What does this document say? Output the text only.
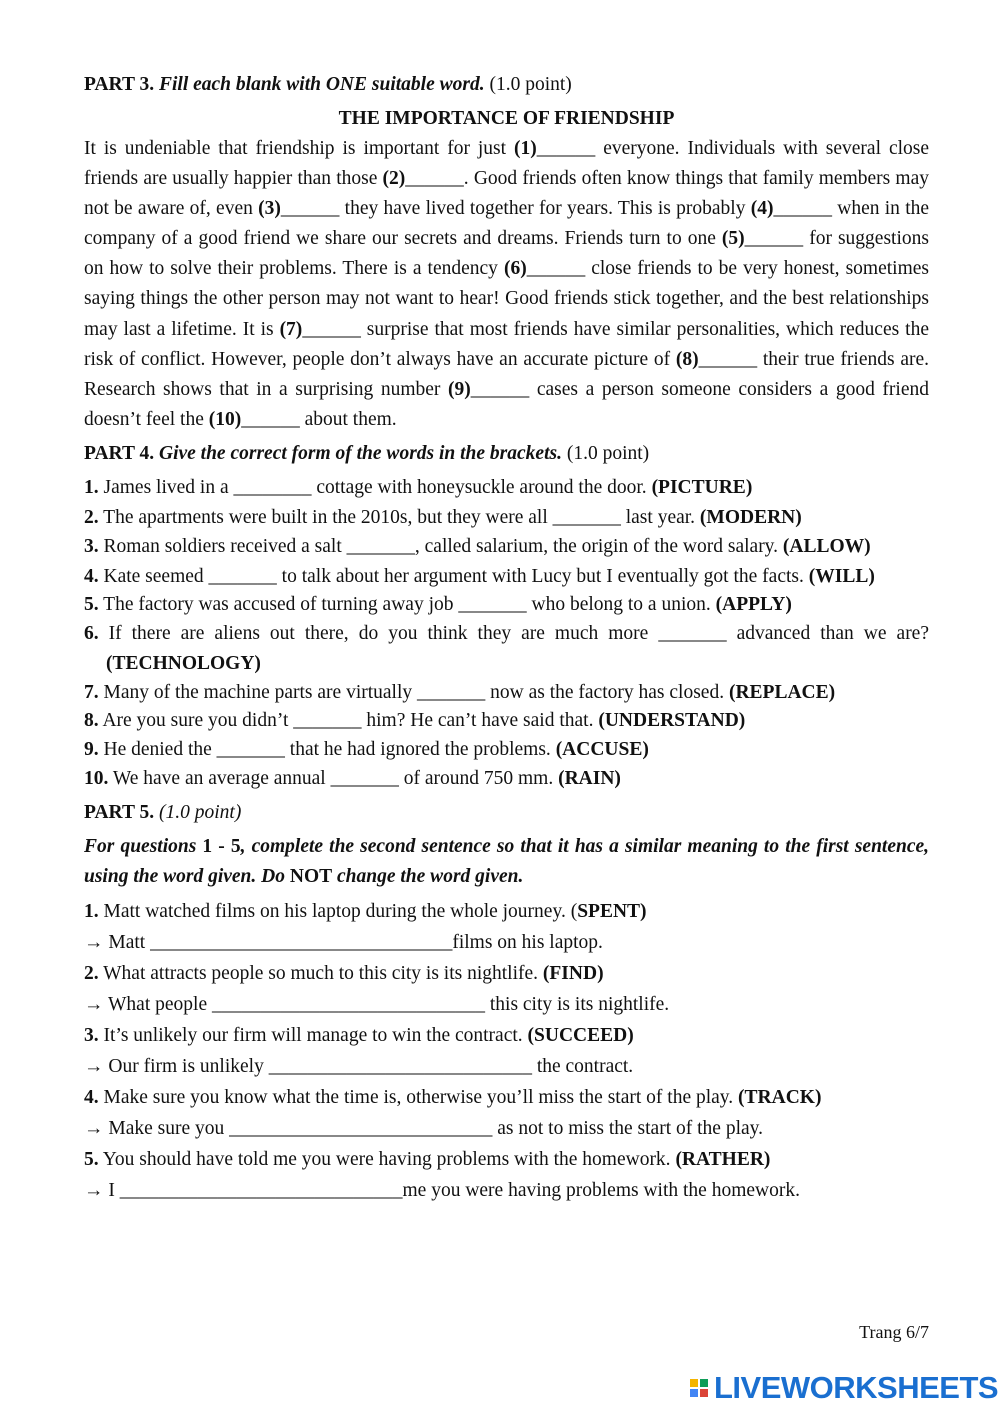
PART 3. Fill each blank with ONE suitable word. (1.0 point)
THE IMPORTANCE OF FRIENDSHIP
It is undeniable that friendship is important for just (1)______ everyone. Individuals with several close friends are usually happier than those (2)______. Good friends often know things that family members may not be aware of, even (3)______ they have lived together for years. This is probably (4)______ when in the company of a good friend we share our secrets and dreams. Friends turn to one (5)______ for suggestions on how to solve their problems. There is a tendency (6)______ close friends to be very honest, sometimes saying things the other person may not want to hear! Good friends stick together, and the best relationships may last a lifetime. It is (7)______ surprise that most friends have similar personalities, which reduces the risk of conflict. However, people don’t always have an accurate picture of (8)______ their true friends are. Research shows that in a surprising number (9)______ cases a person someone considers a good friend doesn’t feel the (10)______ about them.
PART 4. Give the correct form of the words in the brackets. (1.0 point)
1. James lived in a ________ cottage with honeysuckle around the door. (PICTURE)
2. The apartments were built in the 2010s, but they were all _______ last year. (MODERN)
3. Roman soldiers received a salt _______, called salarium, the origin of the word salary. (ALLOW)
4. Kate seemed _______ to talk about her argument with Lucy but I eventually got the facts. (WILL)
5. The factory was accused of turning away job _______ who belong to a union. (APPLY)
6. If there are aliens out there, do you think they are much more _______ advanced than we are? (TECHNOLOGY)
7. Many of the machine parts are virtually _______ now as the factory has closed. (REPLACE)
8. Are you sure you didn’t _______ him? He can’t have said that. (UNDERSTAND)
9. He denied the _______ that he had ignored the problems. (ACCUSE)
10. We have an average annual _______ of around 750 mm. (RAIN)
PART 5. (1.0 point)
For questions 1 - 5, complete the second sentence so that it has a similar meaning to the first sentence, using the word given. Do NOT change the word given.
1. Matt watched films on his laptop during the whole journey. (SPENT)
→ Matt _______________________________films on his laptop.
2. What attracts people so much to this city is its nightlife. (FIND)
→ What people ____________________________ this city is its nightlife.
3. It’s unlikely our firm will manage to win the contract. (SUCCEED)
→ Our firm is unlikely ___________________________ the contract.
4. Make sure you know what the time is, otherwise you’ll miss the start of the play. (TRACK)
→ Make sure you ___________________________ as not to miss the start of the play.
5. You should have told me you were having problems with the homework. (RATHER)
→ I _____________________________me you were having problems with the homework.
Trang 6/7
LIVEWORKSHEETS
